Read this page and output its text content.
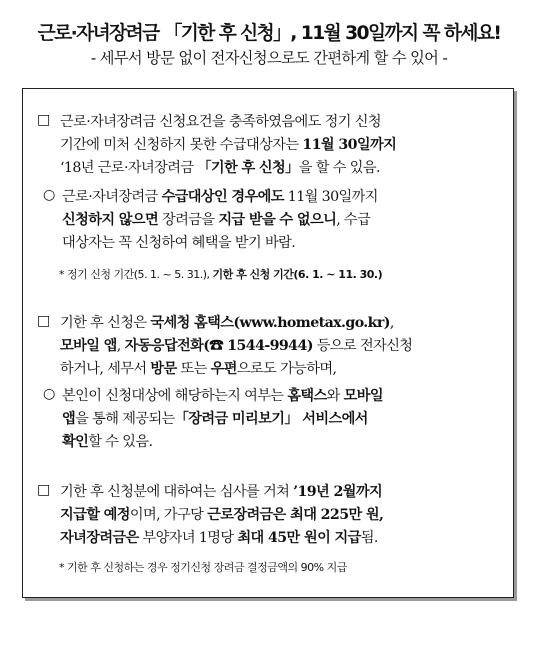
근로·자녀장려금 「기한 후 신청」, 11월 30일까지 꼭 하세요!
- 세무서 방문 없이 전자신청으로도 간편하게 할 수 있어 -
□ 근로·자녀장려금 신청요건을 충족하였음에도 정기 신청
기간에 미처 신청하지 못한 수급대상자는 11월 30일까지
‘18년 근로·자녀장려금 「기한 후 신청」을 할 수 있음.
○ 근로·자녀장려금 수급대상인 경우에도 11월 30일까지
신청하지 않으면 장려금을 지급 받을 수 없으니, 수급
대상자는 꼭 신청하여 혜택을 받기 바람.
* 정기 신청 기간(5. 1. ~ 5. 31.), 기한 후 신청 기간(6. 1. ~ 11. 30.)
□ 기한 후 신청은 국세청 홈택스(www.hometax.go.kr),
모바일 앱, 자동응답전화(☎ 1544-9944) 등으로 전자신청
하거나, 세무서 방문 또는 우편으로도 가능하며,
○ 본인이 신청대상에 해당하는지 여부는 홈택스와 모바일
앱을 통해 제공되는「장려금 미리보기」 서비스에서
확인할 수 있음.
□ 기한 후 신청분에 대하여는 심사를 거쳐 ’19년 2월까지
지급할 예정이며, 가구당 근로장려금은 최대 225만 원,
자녀장려금은 부양자녀 1명당 최대 45만 원이 지급됨.
* 기한 후 신청하는 경우 정기신청 장려금 결정금액의 90% 지급
